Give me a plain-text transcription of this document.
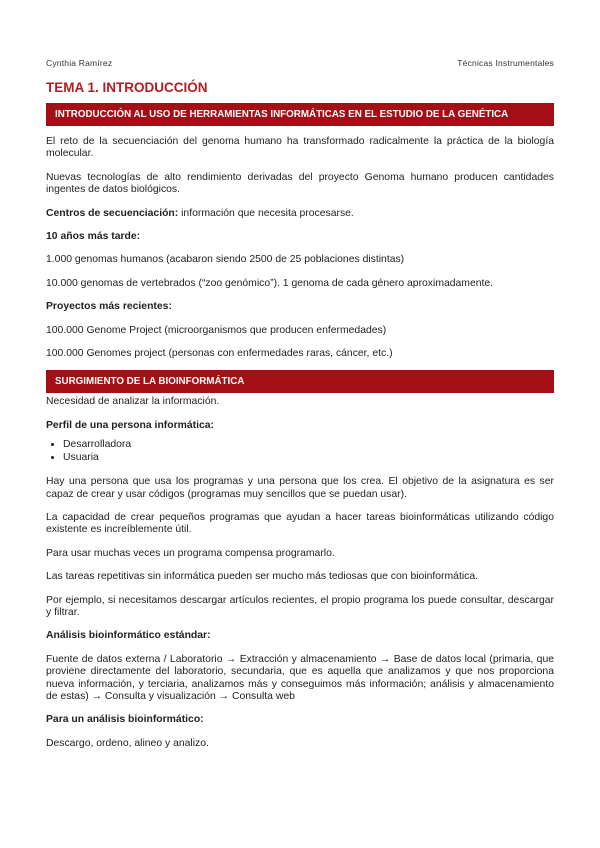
Cynthia Ramírez	Técnicas Instrumentales
TEMA 1. INTRODUCCIÓN
INTRODUCCIÓN AL USO DE HERRAMIENTAS INFORMÁTICAS EN EL ESTUDIO DE LA GENÉTICA

El reto de la secuenciación del genoma humano ha transformado radicalmente la práctica de la biología molecular.

Nuevas tecnologías de alto rendimiento derivadas del proyecto Genoma humano producen cantidades ingentes de datos biológicos.

Centros de secuenciación: información que necesita procesarse.

10 años más tarde:

1.000 genomas humanos (acabaron siendo 2500 de 25 poblaciones distintas)

10.000 genomas de vertebrados (“zoo genómico”). 1 genoma de cada género aproximadamente.

Proyectos más recientes:

100.000 Genome Project (microorganismos que producen enfermedades)

100.000 Genomes project (personas con enfermedades raras, cáncer, etc.)

SURGIMIENTO DE LA BIOINFORMÁTICA

Necesidad de analizar la información.

Perfil de una persona informática:

• Desarrolladora
• Usuaria

Hay una persona que usa los programas y una persona que los crea. El objetivo de la asignatura es ser capaz de crear y usar códigos (programas muy sencillos que se puedan usar).

La capacidad de crear pequeños programas que ayudan a hacer tareas bioinformáticas utilizando código existente es increíblemente útil.

Para usar muchas veces un programa compensa programarlo.

Las tareas repetitivas sin informática pueden ser mucho más tediosas que con bioinformática.

Por ejemplo, si necesitamos descargar artículos recientes, el propio programa los puede consultar, descargar y filtrar.

Análisis bioinformático estándar:

Fuente de datos externa / Laboratorio → Extracción y almacenamiento → Base de datos local (primaria, que proviene directamente del laboratorio, secundaria, que es aquella que analizamos y que nos proporciona nueva información, y terciaria, analizamos más y conseguimos más información; análisis y almacenamiento de estas) → Consulta y visualización → Consulta web

Para un análisis bioinformático:

Descargo, ordeno, alineo y analizo.
